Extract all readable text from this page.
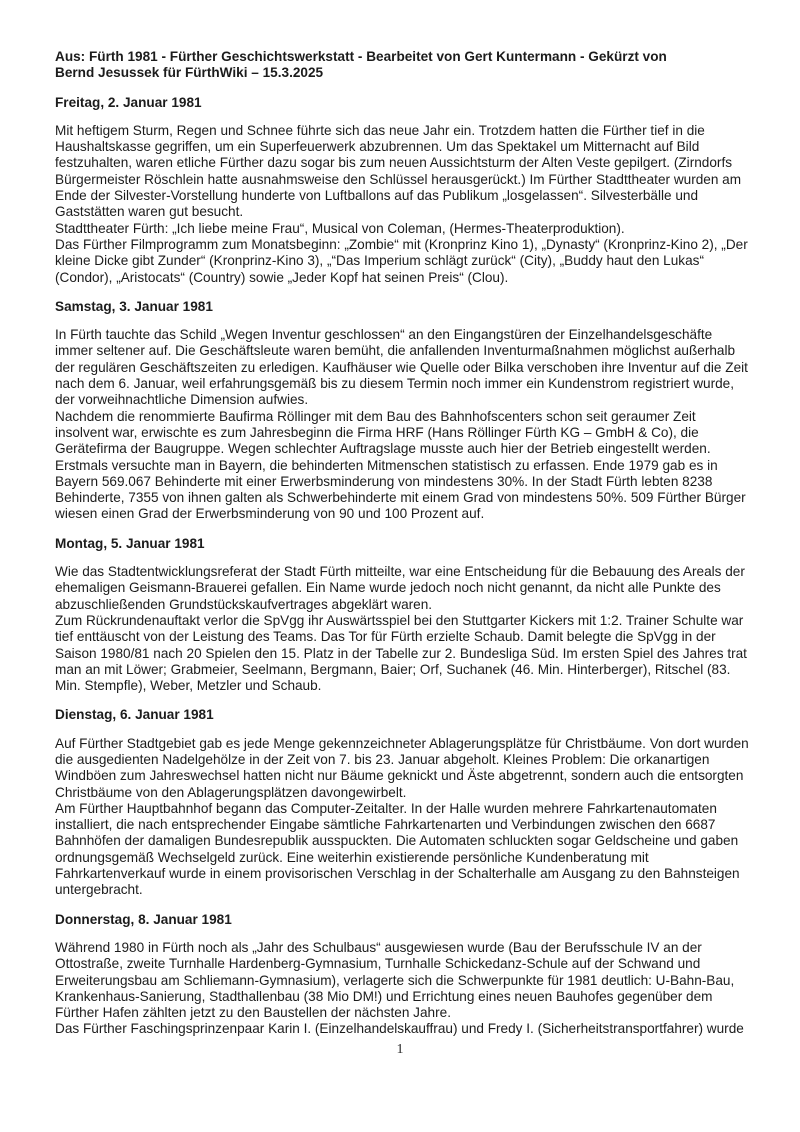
Aus: Fürth 1981 - Fürther Geschichtswerkstatt - Bearbeitet von Gert Kuntermann - Gekürzt von
Bernd Jesussek für FürthWiki – 15.3.2025
Freitag, 2. Januar 1981

Mit heftigem Sturm, Regen und Schnee führte sich das neue Jahr ein. Trotzdem hatten die Fürther tief in die Haushaltskasse gegriffen, um ein Superfeuerwerk abzubrennen. Um das Spektakel um Mitternacht auf Bild festzuhalten, waren etliche Fürther dazu sogar bis zum neuen Aussichtsturm der Alten Veste gepilgert. (Zirndorfs Bürgermeister Röschlein hatte ausnahmsweise den Schlüssel herausgerückt.) Im Fürther Stadttheater wurden am Ende der Silvester-Vorstellung hunderte von Luftballons auf das Publikum „losgelassen“. Silvesterbälle und Gaststätten waren gut besucht.

Stadttheater Fürth: „Ich liebe meine Frau“, Musical von Coleman, (Hermes-Theaterproduktion).

Das Fürther Filmprogramm zum Monatsbeginn: „Zombie“ mit (Kronprinz Kino 1), „Dynasty“ (Kronprinz-Kino 2), „Der kleine Dicke gibt Zunder“ (Kronprinz-Kino 3), „“Das Imperium schlägt zurück“ (City), „Buddy haut den Lukas“ (Condor), „Aristocats“ (Country) sowie „Jeder Kopf hat seinen Preis“ (Clou).

Samstag, 3. Januar 1981

In Fürth tauchte das Schild „Wegen Inventur geschlossen“ an den Eingangstüren der Einzelhandelsgeschäfte immer seltener auf. Die Geschäftsleute waren bemüht, die anfallenden Inventurmaßnahmen möglichst außerhalb der regulären Geschäftszeiten zu erledigen. Kaufhäuser wie Quelle oder Bilka verschoben ihre Inventur auf die Zeit nach dem 6. Januar, weil erfahrungsgemäß bis zu diesem Termin noch immer ein Kundenstrom registriert wurde, der vorweihnachtliche Dimension aufwies.

Nachdem die renommierte Baufirma Röllinger mit dem Bau des Bahnhofscenters schon seit geraumer Zeit insolvent war, erwischte es zum Jahresbeginn die Firma HRF (Hans Röllinger Fürth KG – GmbH & Co), die Gerätefirma der Baugruppe. Wegen schlechter Auftragslage musste auch hier der Betrieb eingestellt werden.

Erstmals versuchte man in Bayern, die behinderten Mitmenschen statistisch zu erfassen. Ende 1979 gab es in Bayern 569.067 Behinderte mit einer Erwerbsminderung von mindestens 30%. In der Stadt Fürth lebten 8238 Behinderte, 7355 von ihnen galten als Schwerbehinderte mit einem Grad von mindestens 50%. 509 Fürther Bürger wiesen einen Grad der Erwerbsminderung von 90 und 100 Prozent auf.

Montag, 5. Januar 1981

Wie das Stadtentwicklungsreferat der Stadt Fürth mitteilte, war eine Entscheidung für die Bebauung des Areals der ehemaligen Geismann-Brauerei gefallen. Ein Name wurde jedoch noch nicht genannt, da nicht alle Punkte des abzuschließenden Grundstückskaufvertrages abgeklärt waren.

Zum Rückrundenauftakt verlor die SpVgg ihr Auswärtsspiel bei den Stuttgarter Kickers mit 1:2. Trainer Schulte war tief enttäuscht von der Leistung des Teams. Das Tor für Fürth erzielte Schaub. Damit belegte die SpVgg in der Saison 1980/81 nach 20 Spielen den 15. Platz in der Tabelle zur 2. Bundesliga Süd. Im ersten Spiel des Jahres trat man an mit Löwer; Grabmeier, Seelmann, Bergmann, Baier; Orf, Suchanek (46. Min. Hinterberger), Ritschel (83. Min. Stempfle), Weber, Metzler und Schaub.

Dienstag, 6. Januar 1981

Auf Fürther Stadtgebiet gab es jede Menge gekennzeichneter Ablagerungsplätze für Christbäume. Von dort wurden die ausgedienten Nadelgehölze in der Zeit von 7. bis 23. Januar abgeholt. Kleines Problem: Die orkanartigen Windböen zum Jahreswechsel hatten nicht nur Bäume geknickt und Äste abgetrennt, sondern auch die entsorgten Christbäume von den Ablagerungsplätzen davongewirbelt.

Am Fürther Hauptbahnhof begann das Computer-Zeitalter. In der Halle wurden mehrere Fahrkartenautomaten installiert, die nach entsprechender Eingabe sämtliche Fahrkartenarten und Verbindungen zwischen den 6687 Bahnhöfen der damaligen Bundesrepublik ausspuckten. Die Automaten schluckten sogar Geldscheine und gaben ordnungsgemäß Wechselgeld zurück. Eine weiterhin existierende persönliche Kundenberatung mit Fahrkartenverkauf wurde in einem provisorischen Verschlag in der Schalterhalle am Ausgang zu den Bahnsteigen untergebracht.

Donnerstag, 8. Januar 1981

Während 1980 in Fürth noch als „Jahr des Schulbaus“ ausgewiesen wurde (Bau der Berufsschule IV an der Ottostraße, zweite Turnhalle Hardenberg-Gymnasium, Turnhalle Schickedanz-Schule auf der Schwand und Erweiterungsbau am Schliemann-Gymnasium), verlagerte sich die Schwerpunkte für 1981 deutlich: U-Bahn-Bau, Krankenhaus-Sanierung, Stadthallenbau (38 Mio DM!) und Errichtung eines neuen Bauhofes gegenüber dem Fürther Hafen zählten jetzt zu den Baustellen der nächsten Jahre.

Das Fürther Faschingsprinzenpaar Karin I. (Einzelhandelskauffrau) und Fredy I. (Sicherheitstransportfahrer) wurde

1
